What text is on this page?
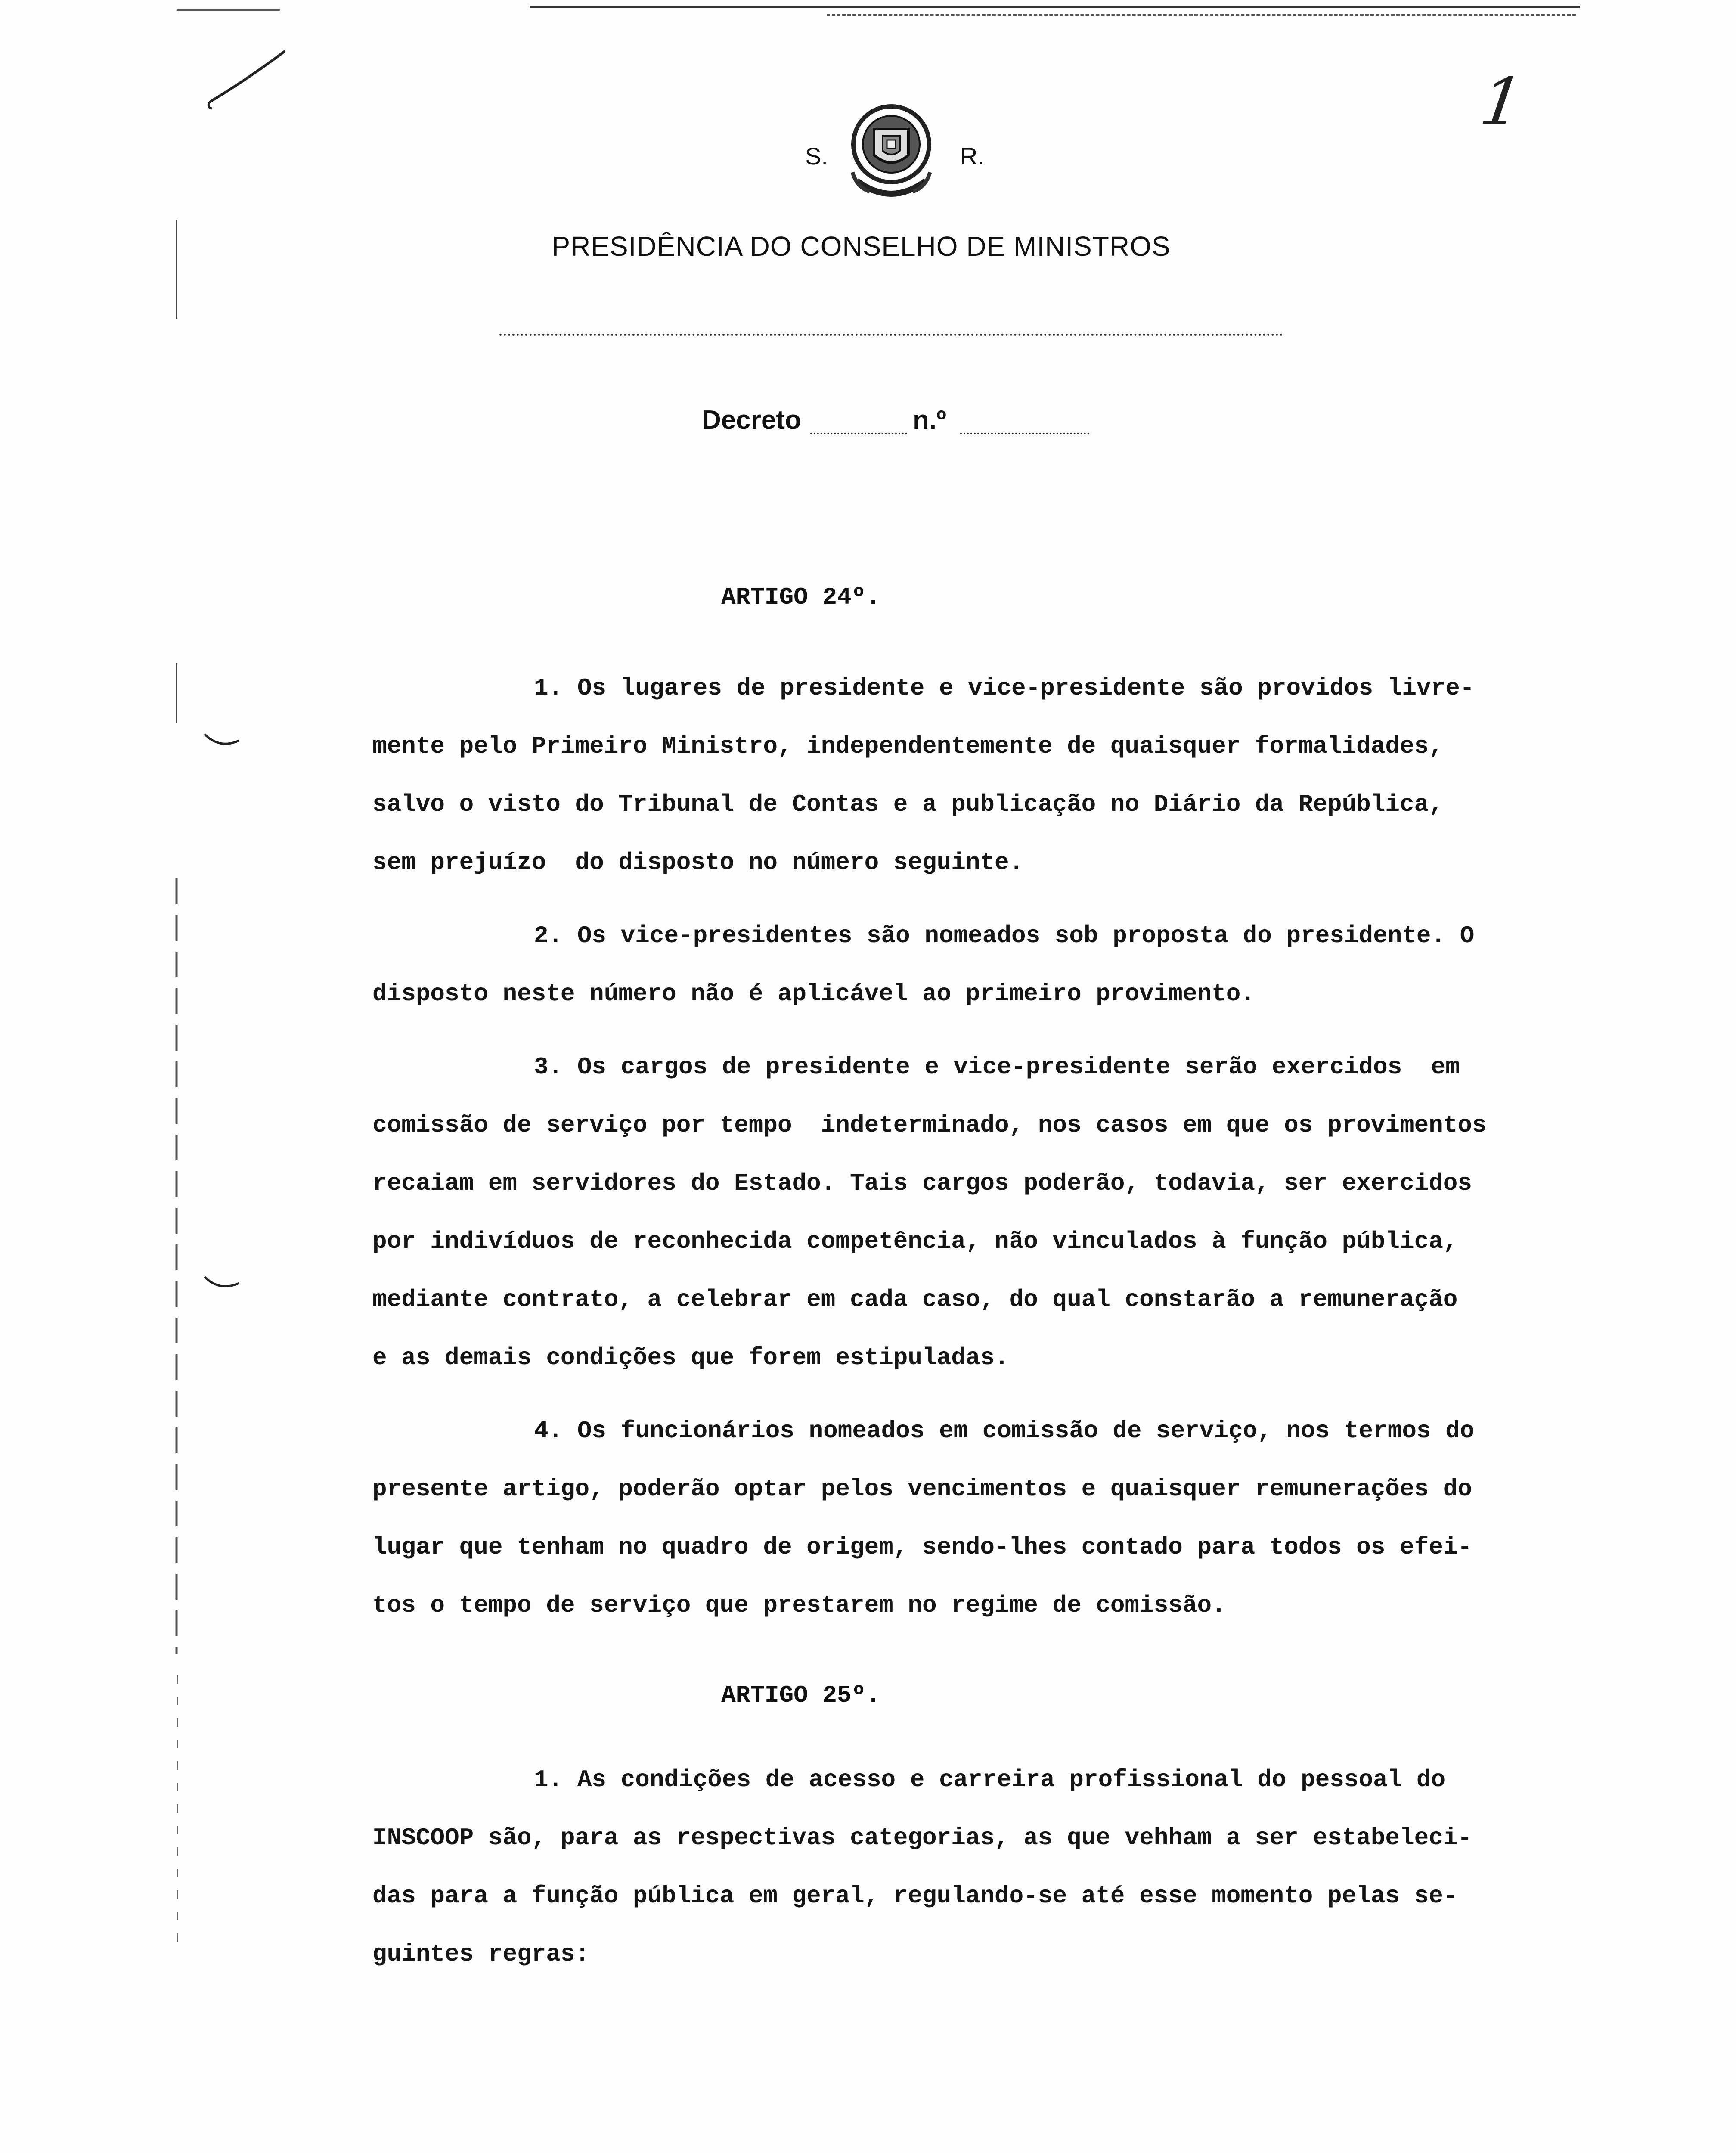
1
S.	R.
PRESIDÊNCIA DO CONSELHO DE MINISTROS
Decreto	n.º
ARTIGO 24º.
1. Os lugares de presidente e vice-presidente são providos livre-
mente pelo Primeiro Ministro, independentemente de quaisquer formalidades,
salvo o visto do Tribunal de Contas e a publicação no Diário da República,
sem prejuízo  do disposto no número seguinte.
2. Os vice-presidentes são nomeados sob proposta do presidente. O
disposto neste número não é aplicável ao primeiro provimento.
3. Os cargos de presidente e vice-presidente serão exercidos  em
comissão de serviço por tempo  indeterminado, nos casos em que os provimentos
recaiam em servidores do Estado. Tais cargos poderão, todavia, ser exercidos
por indivíduos de reconhecida competência, não vinculados à função pública,
mediante contrato, a celebrar em cada caso, do qual constarão a remuneração
e as demais condições que forem estipuladas.
4. Os funcionários nomeados em comissão de serviço, nos termos do
presente artigo, poderão optar pelos vencimentos e quaisquer remunerações do
lugar que tenham no quadro de origem, sendo-lhes contado para todos os efei-
tos o tempo de serviço que prestarem no regime de comissão.
ARTIGO 25º.
1. As condições de acesso e carreira profissional do pessoal do
INSCOOP são, para as respectivas categorias, as que vehham a ser estabeleci-
das para a função pública em geral, regulando-se até esse momento pelas se-
guintes regras:
